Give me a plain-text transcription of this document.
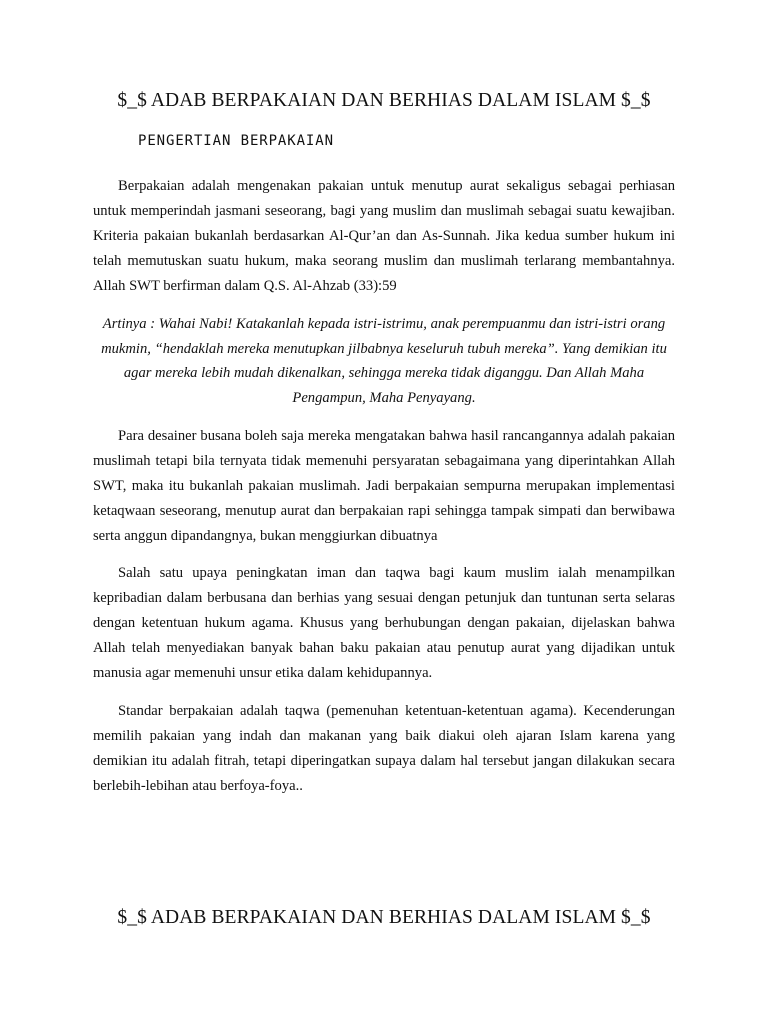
$_$ ADAB BERPAKAIAN DAN BERHIAS DALAM ISLAM $_$
PENGERTIAN BERPAKAIAN

Berpakaian adalah mengenakan pakaian untuk menutup aurat sekaligus sebagai perhiasan untuk memperindah jasmani seseorang, bagi yang muslim dan muslimah sebagai suatu kewajiban. Kriteria pakaian bukanlah berdasarkan Al-Qur’an dan As-Sunnah. Jika kedua sumber hukum ini telah memutuskan suatu hukum, maka seorang muslim dan muslimah terlarang membantahnya. Allah SWT berfirman dalam Q.S. Al-Ahzab (33):59

Artinya : Wahai Nabi! Katakanlah kepada istri-istrimu, anak perempuanmu dan istri-istri orang mukmin, “hendaklah mereka menutupkan jilbabnya keseluruh tubuh mereka”. Yang demikian itu agar mereka lebih mudah dikenalkan, sehingga mereka tidak diganggu. Dan Allah Maha Pengampun, Maha Penyayang.

Para desainer busana boleh saja mereka mengatakan bahwa hasil rancangannya adalah pakaian muslimah tetapi bila ternyata tidak memenuhi persyaratan sebagaimana yang diperintahkan Allah SWT, maka itu bukanlah pakaian muslimah. Jadi berpakaian sempurna merupakan implementasi ketaqwaan seseorang, menutup aurat dan berpakaian rapi sehingga tampak simpati dan berwibawa serta anggun dipandangnya, bukan menggiurkan dibuatnya

Salah satu upaya peningkatan iman dan taqwa bagi kaum muslim ialah menampilkan kepribadian dalam berbusana dan berhias yang sesuai dengan petunjuk dan tuntunan serta selaras dengan ketentuan hukum agama. Khusus yang berhubungan dengan pakaian, dijelaskan bahwa Allah telah menyediakan banyak bahan baku pakaian atau penutup aurat yang dijadikan untuk manusia agar memenuhi unsur etika dalam kehidupannya.

Standar berpakaian adalah taqwa (pemenuhan ketentuan-ketentuan agama). Kecenderungan memilih pakaian yang indah dan makanan yang baik diakui oleh ajaran Islam karena yang demikian itu adalah fitrah, tetapi diperingatkan supaya dalam hal tersebut jangan dilakukan secara berlebih-lebihan atau berfoya-foya..

$_$ ADAB BERPAKAIAN DAN BERHIAS DALAM ISLAM $_$
